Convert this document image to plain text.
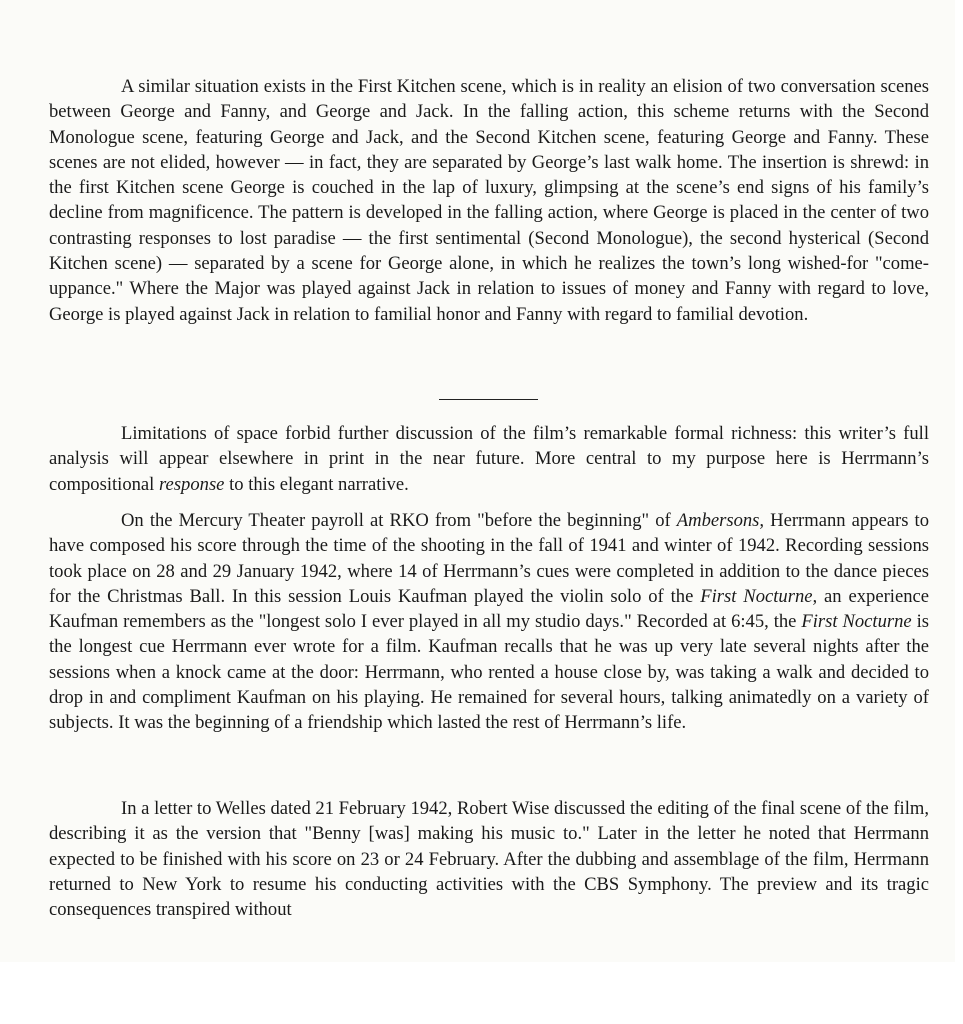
A similar situation exists in the First Kitchen scene, which is in reality an elision of two conversation scenes between George and Fanny, and George and Jack. In the falling action, this scheme returns with the Second Monologue scene, featuring George and Jack, and the Second Kitchen scene, featuring George and Fanny. These scenes are not elided, however — in fact, they are separated by George’s last walk home. The insertion is shrewd: in the first Kitchen scene George is couched in the lap of luxury, glimpsing at the scene’s end signs of his family’s decline from magnificence. The pattern is developed in the falling action, where George is placed in the center of two contrasting responses to lost paradise — the first sentimental (Second Monologue), the second hysterical (Second Kitchen scene) — separated by a scene for George alone, in which he realizes the town’s long wished-for "come-uppance." Where the Major was played against Jack in relation to issues of money and Fanny with regard to love, George is played against Jack in relation to familial honor and Fanny with regard to familial devotion.

Limitations of space forbid further discussion of the film’s remarkable formal richness: this writer’s full analysis will appear elsewhere in print in the near future. More central to my purpose here is Herrmann’s compositional response to this elegant narrative.

On the Mercury Theater payroll at RKO from "before the beginning" of Ambersons, Herrmann appears to have composed his score through the time of the shooting in the fall of 1941 and winter of 1942. Recording sessions took place on 28 and 29 January 1942, where 14 of Herrmann’s cues were completed in addition to the dance pieces for the Christmas Ball. In this session Louis Kaufman played the violin solo of the First Nocturne, an experience Kaufman remembers as the "longest solo I ever played in all my studio days." Recorded at 6:45, the First Nocturne is the longest cue Herrmann ever wrote for a film. Kaufman recalls that he was up very late several nights after the sessions when a knock came at the door: Herrmann, who rented a house close by, was taking a walk and decided to drop in and compliment Kaufman on his playing. He remained for several hours, talking animatedly on a variety of subjects. It was the beginning of a friendship which lasted the rest of Herrmann’s life.

In a letter to Welles dated 21 February 1942, Robert Wise discussed the editing of the final scene of the film, describing it as the version that "Benny [was] making his music to." Later in the letter he noted that Herrmann expected to be finished with his score on 23 or 24 February. After the dubbing and assemblage of the film, Herrmann returned to New York to resume his conducting activities with the CBS Symphony. The preview and its tragic consequences transpired without
